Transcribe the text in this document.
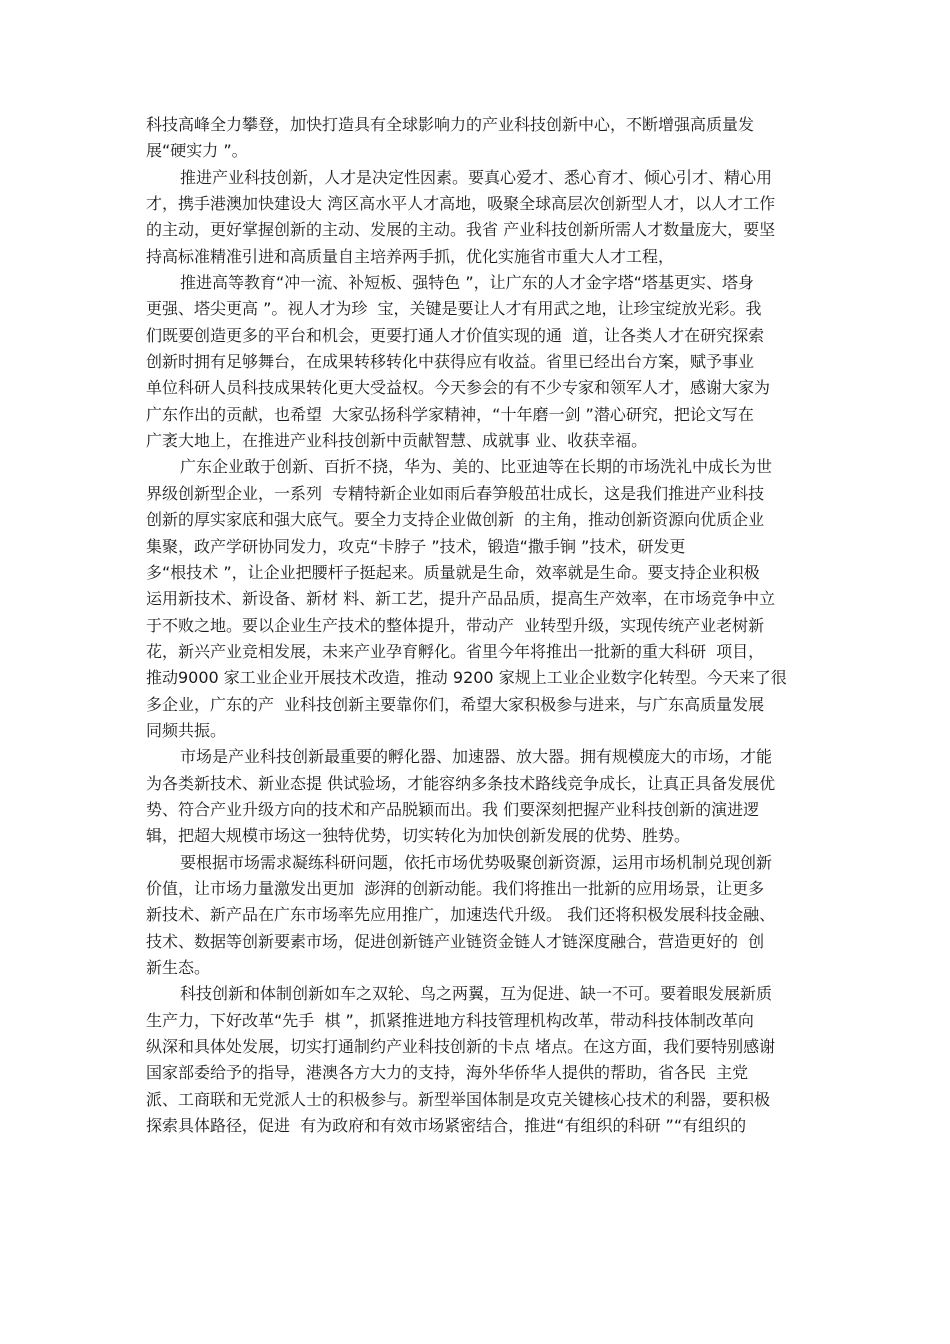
科技高峰全力攀登，加快打造具有全球影响力的产业科技创新中心，不断增强高质量发
展“硬实力 ”。
推进产业科技创新，人才是决定性因素。要真心爱才、悉心育才、倾心引才、精心用
才，携手港澳加快建设大 湾区高水平人才高地，吸聚全球高层次创新型人才，以人才工作
的主动，更好掌握创新的主动、发展的主动。我省 产业科技创新所需人才数量庞大，要坚
持高标准精准引进和高质量自主培养两手抓，优化实施省市重大人才工程，
推进高等教育“冲一流、补短板、强特色 ”，让广东的人才金字塔“塔基更实、塔身
更强、塔尖更高 ”。视人才为珍  宝，关键是要让人才有用武之地，让珍宝绽放光彩。我
们既要创造更多的平台和机会，更要打通人才价值实现的通  道，让各类人才在研究探索
创新时拥有足够舞台，在成果转移转化中获得应有收益。省里已经出台方案，赋予事业
单位科研人员科技成果转化更大受益权。今天参会的有不少专家和领军人才，感谢大家为
广东作出的贡献，也希望  大家弘扬科学家精神，“十年磨一剑 ”潜心研究，把论文写在
广袤大地上，在推进产业科技创新中贡献智慧、成就事 业、收获幸福。
广东企业敢于创新、百折不挠，华为、美的、比亚迪等在长期的市场洗礼中成长为世
界级创新型企业，一系列  专精特新企业如雨后春笋般茁壮成长，这是我们推进产业科技
创新的厚实家底和强大底气。要全力支持企业做创新  的主角，推动创新资源向优质企业
集聚，政产学研协同发力，攻克“卡脖子 ”技术，锻造“撒手锏 ”技术，研发更
多“根技术 ”，让企业把腰杆子挺起来。质量就是生命，效率就是生命。要支持企业积极
运用新技术、新设备、新材 料、新工艺，提升产品品质，提高生产效率，在市场竞争中立
于不败之地。要以企业生产技术的整体提升，带动产  业转型升级，实现传统产业老树新
花，新兴产业竞相发展，未来产业孕育孵化。省里今年将推出一批新的重大科研  项目，
推动9000 家工业企业开展技术改造，推动 9200 家规上工业企业数字化转型。今天来了很
多企业，广东的产  业科技创新主要靠你们，希望大家积极参与进来，与广东高质量发展
同频共振。
市场是产业科技创新最重要的孵化器、加速器、放大器。拥有规模庞大的市场，才能
为各类新技术、新业态提 供试验场，才能容纳多条技术路线竞争成长，让真正具备发展优
势、符合产业升级方向的技术和产品脱颖而出。我 们要深刻把握产业科技创新的演进逻
辑，把超大规模市场这一独特优势，切实转化为加快创新发展的优势、胜势。
要根据市场需求凝练科研问题，依托市场优势吸聚创新资源，运用市场机制兑现创新
价值，让市场力量激发出更加  澎湃的创新动能。我们将推出一批新的应用场景，让更多
新技术、新产品在广东市场率先应用推广，加速迭代升级。 我们还将积极发展科技金融、
技术、数据等创新要素市场，促进创新链产业链资金链人才链深度融合，营造更好的  创
新生态。
科技创新和体制创新如车之双轮、鸟之两翼，互为促进、缺一不可。要着眼发展新质
生产力，下好改革“先手  棋 ”，抓紧推进地方科技管理机构改革，带动科技体制改革向
纵深和具体处发展，切实打通制约产业科技创新的卡点 堵点。在这方面，我们要特别感谢
国家部委给予的指导，港澳各方大力的支持，海外华侨华人提供的帮助，省各民  主党
派、工商联和无党派人士的积极参与。新型举国体制是攻克关键核心技术的利器，要积极
探索具体路径，促进  有为政府和有效市场紧密结合，推进“有组织的科研 ”“有组织的
